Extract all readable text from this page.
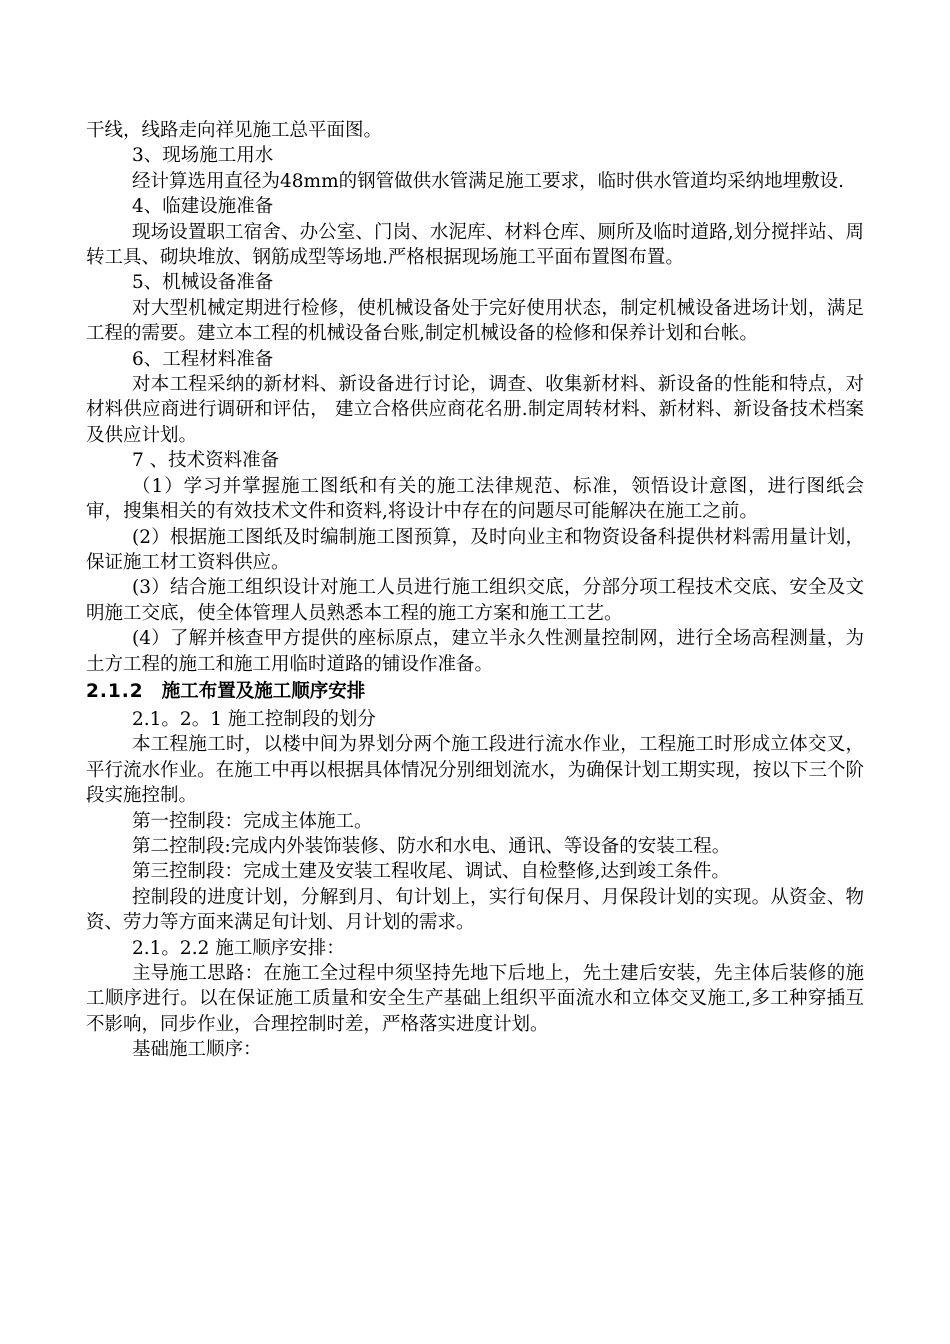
干线，线路走向祥见施工总平面图。

3、现场施工用水

经计算选用直径为48mm的钢管做供水管满足施工要求，临时供水管道均采纳地埋敷设.

4、临建设施准备

现场设置职工宿舍、办公室、门岗、水泥库、材料仓库、厕所及临时道路,划分搅拌站、周转工具、砌块堆放、钢筋成型等场地.严格根据现场施工平面布置图布置。

5、机械设备准备

对大型机械定期进行检修，使机械设备处于完好使用状态，制定机械设备进场计划，满足工程的需要。建立本工程的机械设备台账,制定机械设备的检修和保养计划和台帐。

6、工程材料准备

对本工程采纳的新材料、新设备进行讨论，调查、收集新材料、新设备的性能和特点，对材料供应商进行调研和评估， 建立合格供应商花名册.制定周转材料、新材料、新设备技术档案及供应计划。

7 、技术资料准备

（1）学习并掌握施工图纸和有关的施工法律规范、标准，领悟设计意图，进行图纸会审，搜集相关的有效技术文件和资料,将设计中存在的问题尽可能解决在施工之前。

(2）根据施工图纸及时编制施工图预算，及时向业主和物资设备科提供材料需用量计划，保证施工材工资料供应。

(3）结合施工组织设计对施工人员进行施工组织交底，分部分项工程技术交底、安全及文明施工交底，使全体管理人员熟悉本工程的施工方案和施工工艺。

(4）了解并核查甲方提供的座标原点，建立半永久性测量控制网，进行全场高程测量，为土方工程的施工和施工用临时道路的铺设作准备。

2.1.2 施工布置及施工顺序安排

2.1。2。1 施工控制段的划分

本工程施工时，以楼中间为界划分两个施工段进行流水作业，工程施工时形成立体交叉，平行流水作业。在施工中再以根据具体情况分别细划流水，为确保计划工期实现，按以下三个阶段实施控制。

第一控制段：完成主体施工。

第二控制段:完成内外装饰装修、防水和水电、通讯、等设备的安装工程。

第三控制段：完成土建及安装工程收尾、调试、自检整修,达到竣工条件。

控制段的进度计划，分解到月、旬计划上，实行旬保月、月保段计划的实现。从资金、物资、劳力等方面来满足旬计划、月计划的需求。

2.1。2.2 施工顺序安排：

主导施工思路：在施工全过程中须坚持先地下后地上，先土建后安装，先主体后装修的施工顺序进行。以在保证施工质量和安全生产基础上组织平面流水和立体交叉施工,多工种穿插互不影响，同步作业，合理控制时差，严格落实进度计划。

基础施工顺序：
